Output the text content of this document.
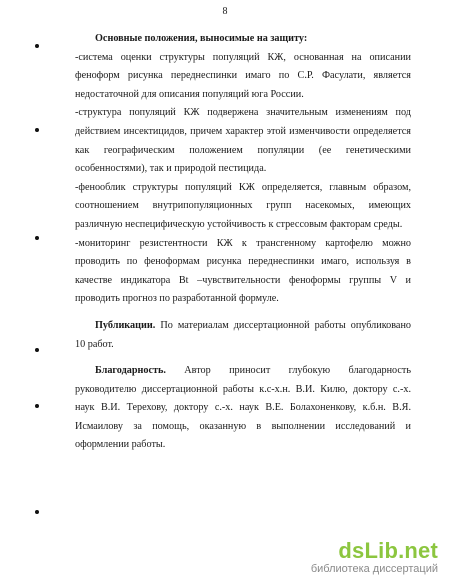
8

Основные положения, выносимые на защиту:

-система оценки структуры популяций КЖ, основанная на описании феноформ рисунка переднеспинки имаго по С.Р. Фасулати, является недостаточной для описания популяций юга России.

-структура популяций КЖ подвержена значительным изменениям под действием инсектицидов, причем характер этой изменчивости определяется как географическим положением популяции (ее генетическими особенностями), так и природой пестицида.

-фенооблик структуры популяций КЖ определяется, главным образом, соотношением внутрипопуляционных групп насекомых, имеющих различную неспецифическую устойчивость к стрессовым факторам среды.

-мониторинг резистентности КЖ к трансгенному картофелю можно проводить по феноформам рисунка переднеспинки имаго, используя в качестве индикатора Bt –чувствительности феноформы группы V и проводить прогноз по разработанной формуле.

Публикации. По материалам диссертационной работы опубликовано 10 работ.

Благодарность. Автор приносит глубокую благодарность руководителю диссертационной работы к.с-х.н. В.И. Килю, доктору с.-х. наук В.И. Терехову, доктору с.-х. наук В.Е. Болахоненкову, к.б.н. В.Я. Исмаилову за помощь, оказанную в выполнении исследований и оформлении работы.

dsLib.net
библиотека диссертаций
